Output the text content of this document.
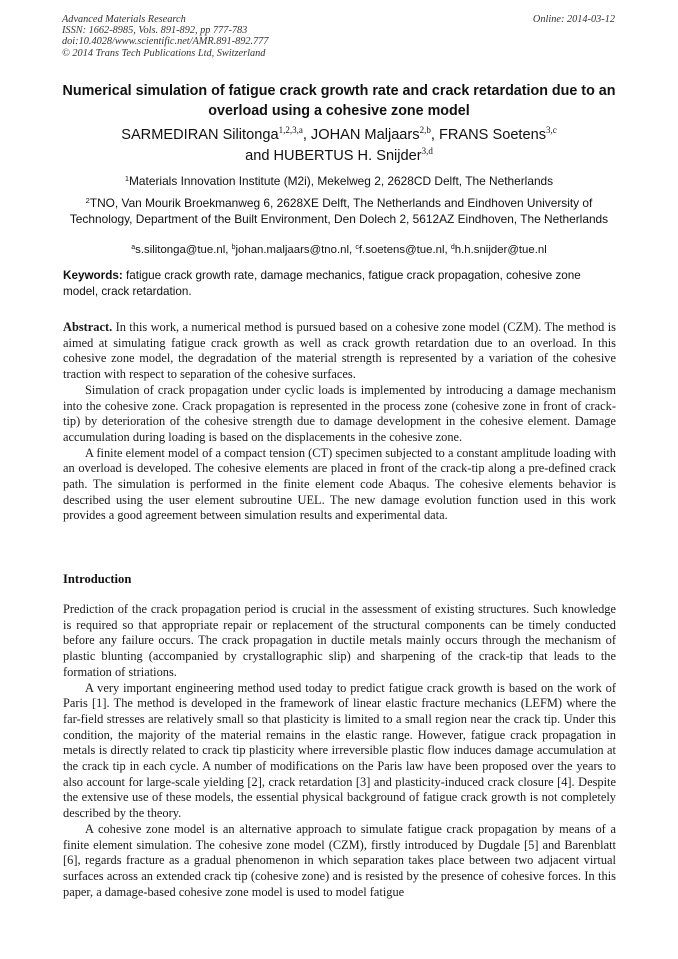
Advanced Materials Research
ISSN: 1662-8985, Vols. 891-892, pp 777-783
doi:10.4028/www.scientific.net/AMR.891-892.777
© 2014 Trans Tech Publications Ltd, Switzerland
Online: 2014-03-12
Numerical simulation of fatigue crack growth rate and crack retardation due to an overload using a cohesive zone model
SARMEDIRAN Silitonga$^{1,2,3,a}$, JOHAN Maljaars$^{2,b}$, FRANS Soetens$^{3,c}$
and HUBERTUS H. Snijder$^{3,d}$
$^1$Materials Innovation Institute (M2i), Mekelweg 2, 2628CD Delft, The Netherlands
$^2$TNO, Van Mourik Broekmanweg 6, 2628XE Delft, The Netherlands and Eindhoven University of Technology, Department of the Built Environment, Den Dolech 2, 5612AZ Eindhoven, The Netherlands
$^a$s.silitonga@tue.nl, $^b$johan.maljaars@tno.nl, $^c$f.soetens@tue.nl, $^d$h.h.snijder@tue.nl
Keywords: fatigue crack growth rate, damage mechanics, fatigue crack propagation, cohesive zone model, crack retardation.

Abstract. In this work, a numerical method is pursued based on a cohesive zone model (CZM). The method is aimed at simulating fatigue crack growth as well as crack growth retardation due to an overload. In this cohesive zone model, the degradation of the material strength is represented by a variation of the cohesive traction with respect to separation of the cohesive surfaces.

Simulation of crack propagation under cyclic loads is implemented by introducing a damage mechanism into the cohesive zone. Crack propagation is represented in the process zone (cohesive zone in front of crack-tip) by deterioration of the cohesive strength due to damage development in the cohesive element. Damage accumulation during loading is based on the displacements in the cohesive zone.

A finite element model of a compact tension (CT) specimen subjected to a constant amplitude loading with an overload is developed. The cohesive elements are placed in front of the crack-tip along a pre-defined crack path. The simulation is performed in the finite element code Abaqus. The cohesive elements behavior is described using the user element subroutine UEL. The new damage evolution function used in this work provides a good agreement between simulation results and experimental data.

Introduction

Prediction of the crack propagation period is crucial in the assessment of existing structures. Such knowledge is required so that appropriate repair or replacement of the structural components can be timely conducted before any failure occurs. The crack propagation in ductile metals mainly occurs through the mechanism of plastic blunting (accompanied by crystallographic slip) and sharpening of the crack-tip that leads to the formation of striations.

A very important engineering method used today to predict fatigue crack growth is based on the work of Paris [1]. The method is developed in the framework of linear elastic fracture mechanics (LEFM) where the far-field stresses are relatively small so that plasticity is limited to a small region near the crack tip. Under this condition, the majority of the material remains in the elastic range. However, fatigue crack propagation in metals is directly related to crack tip plasticity where irreversible plastic flow induces damage accumulation at the crack tip in each cycle. A number of modifications on the Paris law have been proposed over the years to also account for large-scale yielding [2], crack retardation [3] and plasticity-induced crack closure [4]. Despite the extensive use of these models, the essential physical background of fatigue crack growth is not completely described by the theory.

A cohesive zone model is an alternative approach to simulate fatigue crack propagation by means of a finite element simulation. The cohesive zone model (CZM), firstly introduced by Dugdale [5] and Barenblatt [6], regards fracture as a gradual phenomenon in which separation takes place between two adjacent virtual surfaces across an extended crack tip (cohesive zone) and is resisted by the presence of cohesive forces. In this paper, a damage-based cohesive zone model is used to model fatigue
